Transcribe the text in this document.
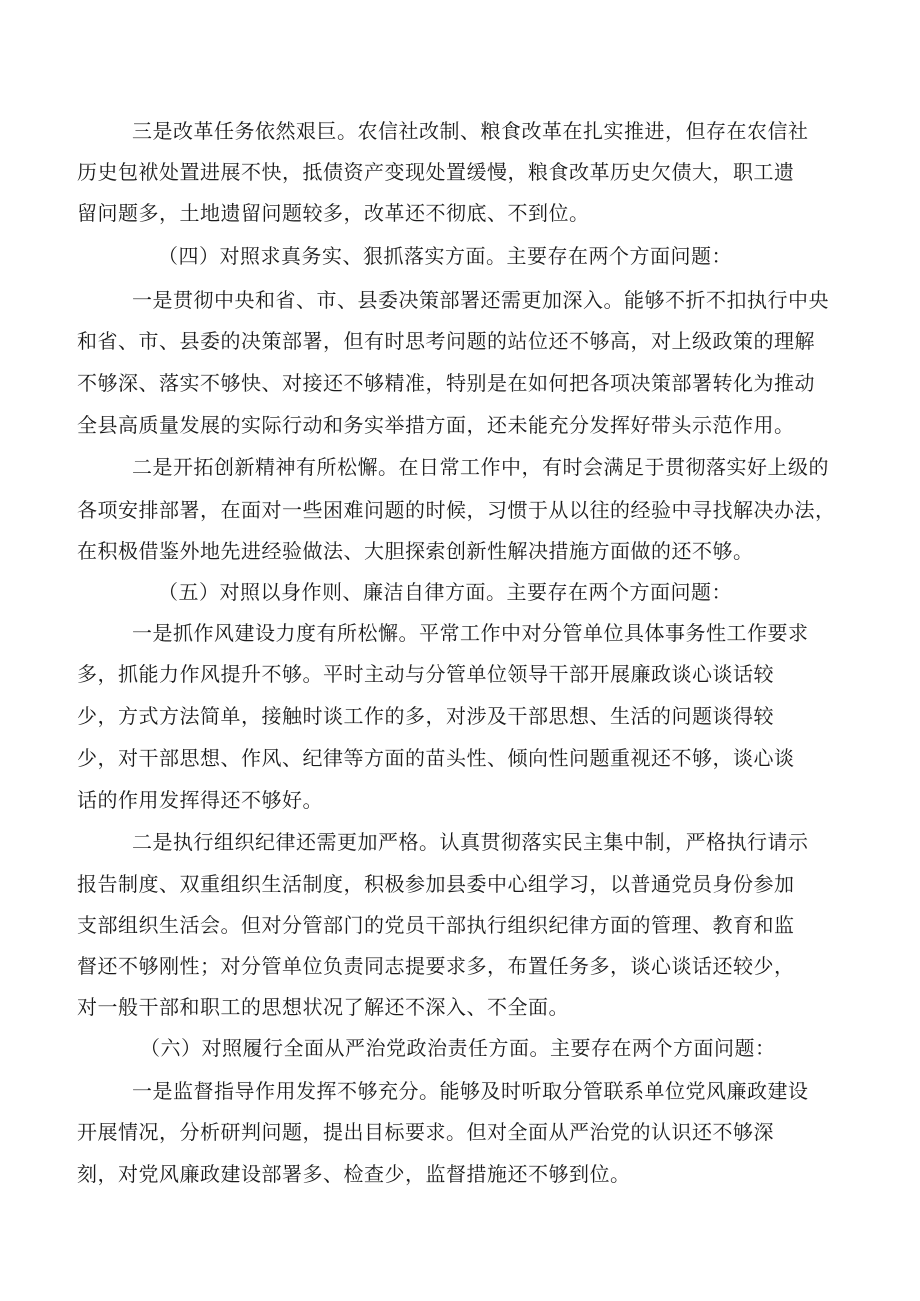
三是改革任务依然艰巨。农信社改制、粮食改革在扎实推进，但存在农信社
历史包袱处置进展不快，抵债资产变现处置缓慢，粮食改革历史欠债大，职工遗
留问题多，土地遗留问题较多，改革还不彻底、不到位。
（四）对照求真务实、狠抓落实方面。主要存在两个方面问题：
一是贯彻中央和省、市、县委决策部署还需更加深入。能够不折不扣执行中央
和省、市、县委的决策部署，但有时思考问题的站位还不够高，对上级政策的理解
不够深、落实不够快、对接还不够精准，特别是在如何把各项决策部署转化为推动
全县高质量发展的实际行动和务实举措方面，还未能充分发挥好带头示范作用。
二是开拓创新精神有所松懈。在日常工作中，有时会满足于贯彻落实好上级的
各项安排部署，在面对一些困难问题的时候，习惯于从以往的经验中寻找解决办法，
在积极借鉴外地先进经验做法、大胆探索创新性解决措施方面做的还不够。
（五）对照以身作则、廉洁自律方面。主要存在两个方面问题：
一是抓作风建设力度有所松懈。平常工作中对分管单位具体事务性工作要求
多，抓能力作风提升不够。平时主动与分管单位领导干部开展廉政谈心谈话较
少，方式方法简单，接触时谈工作的多，对涉及干部思想、生活的问题谈得较
少，对干部思想、作风、纪律等方面的苗头性、倾向性问题重视还不够，谈心谈
话的作用发挥得还不够好。
二是执行组织纪律还需更加严格。认真贯彻落实民主集中制，严格执行请示
报告制度、双重组织生活制度，积极参加县委中心组学习，以普通党员身份参加
支部组织生活会。但对分管部门的党员干部执行组织纪律方面的管理、教育和监
督还不够刚性；对分管单位负责同志提要求多，布置任务多，谈心谈话还较少，
对一般干部和职工的思想状况了解还不深入、不全面。
（六）对照履行全面从严治党政治责任方面。主要存在两个方面问题：
一是监督指导作用发挥不够充分。能够及时听取分管联系单位党风廉政建设
开展情况，分析研判问题，提出目标要求。但对全面从严治党的认识还不够深
刻，对党风廉政建设部署多、检查少，监督措施还不够到位。
